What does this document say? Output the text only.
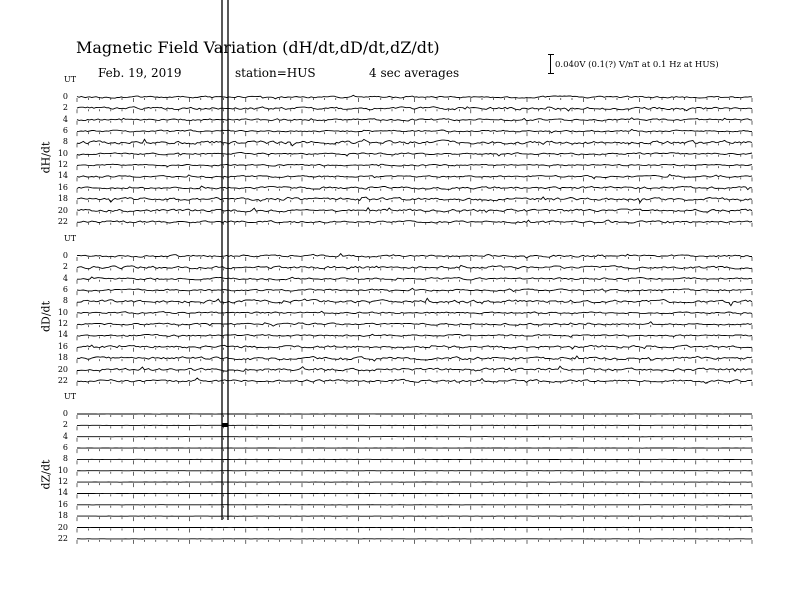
Magnetic Field Variation (dH/dt,dD/dt,dZ/dt)
Feb. 19, 2019	station=HUS	4 sec averages
0.040V (0.1(?) V/nT at 0.1 Hz at HUS)
UT
dH/dt
0
2
4
6
8
10
12
14
16
18
20
22
UT
dD/dt
0
2
4
6
8
10
12
14
16
18
20
22
UT
dZ/dt
0
2
4
6
8
10
12
14
16
18
20
22
